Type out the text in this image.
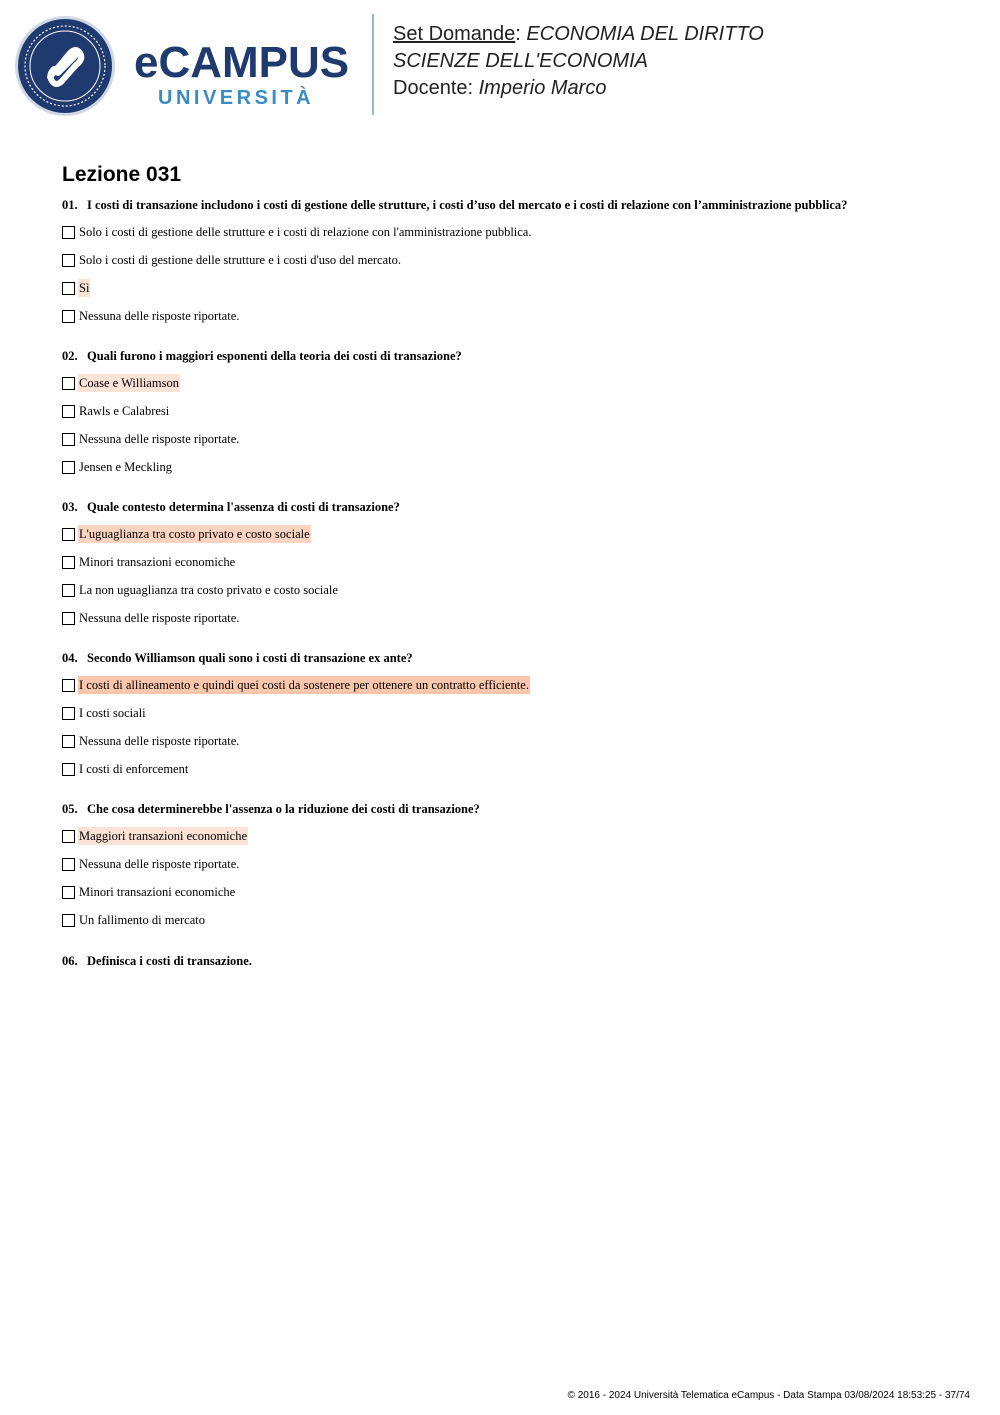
eCAMPUS
UNIVERSITÀ
Set Domande: ECONOMIA DEL DIRITTO
SCIENZE DELL'ECONOMIA
Docente: Imperio Marco
Lezione 031
01. I costi di transazione includono i costi di gestione delle strutture, i costi d’uso del mercato e i costi di relazione con l’amministrazione pubblica?
Solo i costi di gestione delle strutture e i costi di relazione con l'amministrazione pubblica.
Solo i costi di gestione delle strutture e i costi d'uso del mercato.
Sì
Nessuna delle risposte riportate.
02. Quali furono i maggiori esponenti della teoria dei costi di transazione?
Coase e Williamson
Rawls e Calabresi
Nessuna delle risposte riportate.
Jensen e Meckling
03. Quale contesto determina l'assenza di costi di transazione?
L'uguaglianza tra costo privato e costo sociale
Minori transazioni economiche
La non uguaglianza tra costo privato e costo sociale
Nessuna delle risposte riportate.
04. Secondo Williamson quali sono i costi di transazione ex ante?
I costi di allineamento e quindi quei costi da sostenere per ottenere un contratto efficiente.
I costi sociali
Nessuna delle risposte riportate.
I costi di enforcement
05. Che cosa determinerebbe l'assenza o la riduzione dei costi di transazione?
Maggiori transazioni economiche
Nessuna delle risposte riportate.
Minori transazioni economiche
Un fallimento di mercato
06. Definisca i costi di transazione.
© 2016 - 2024 Università Telematica eCampus - Data Stampa 03/08/2024 18:53:25 - 37/74
